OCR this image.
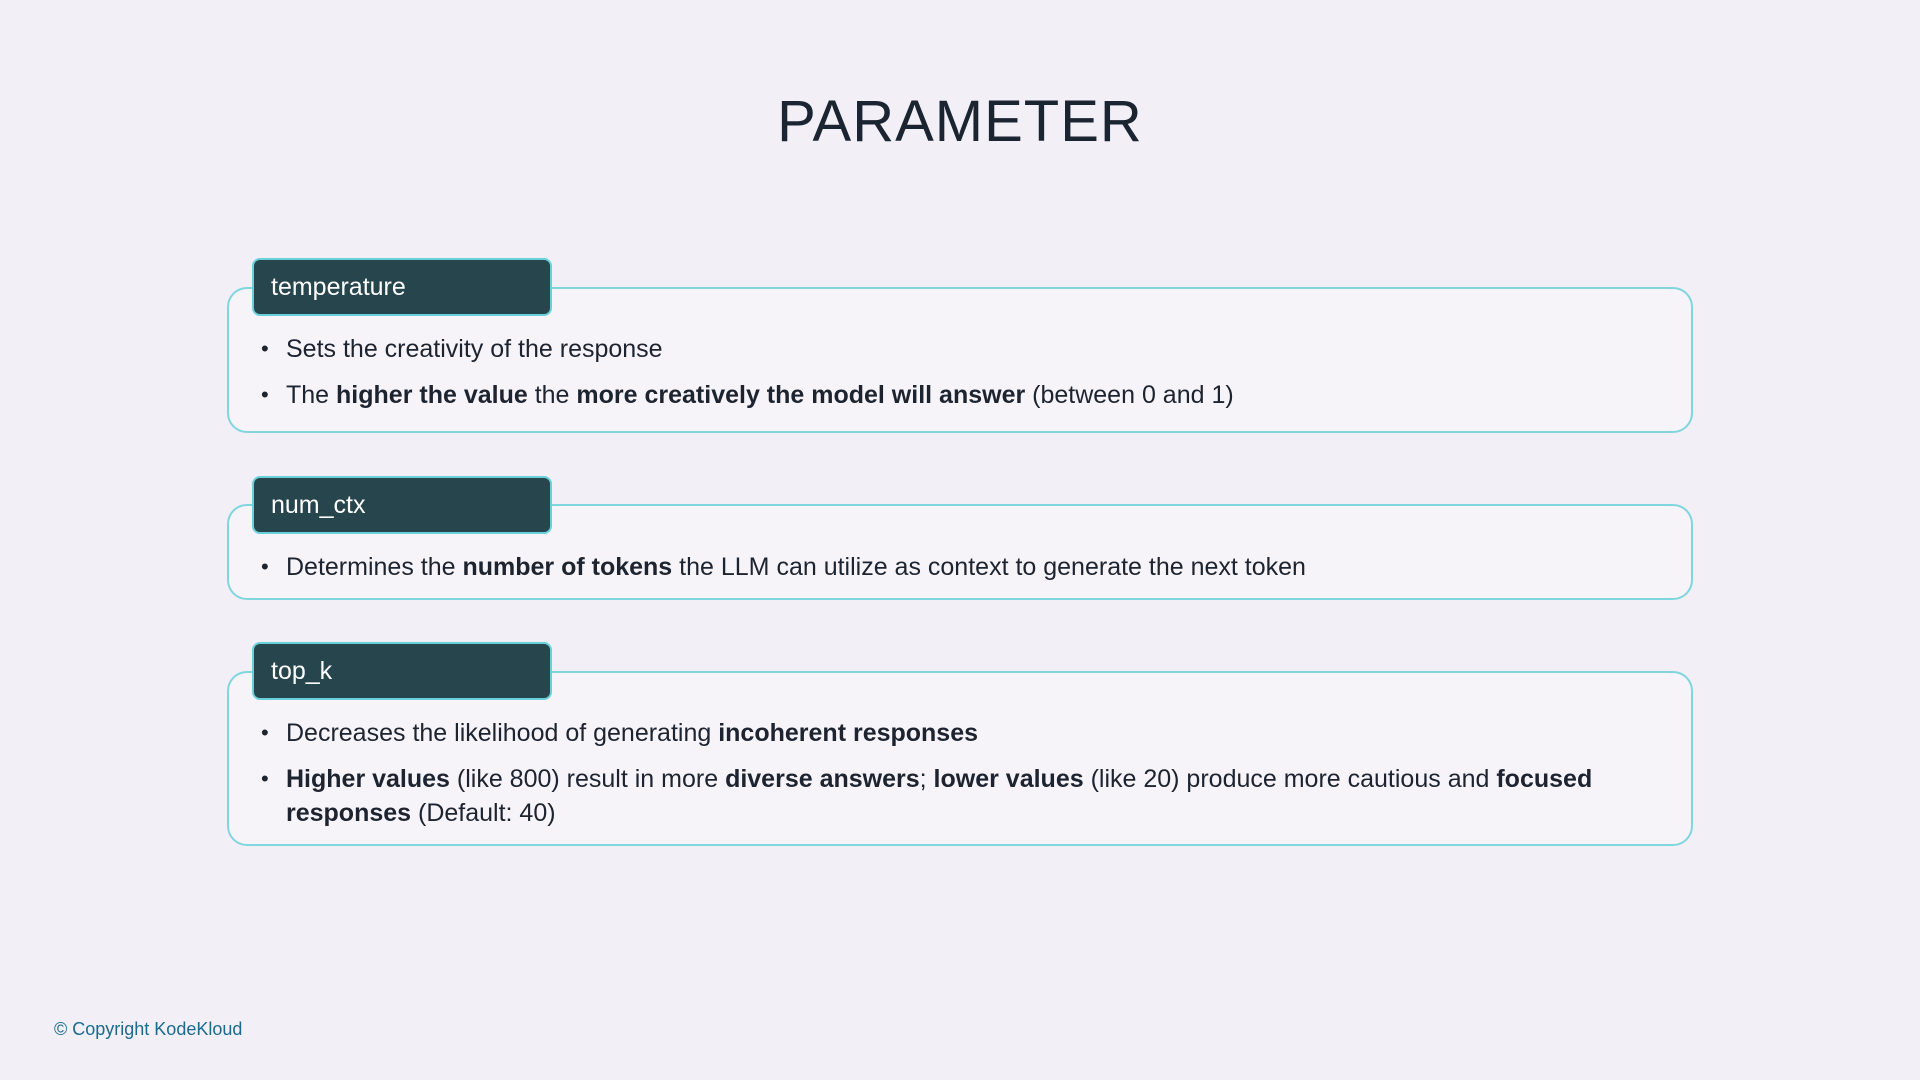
PARAMETER
temperature
• Sets the creativity of the response
• The higher the value the more creatively the model will answer (between 0 and 1)
num_ctx
• Determines the number of tokens the LLM can utilize as context to generate the next token
top_k
• Decreases the likelihood of generating incoherent responses
• Higher values (like 800) result in more diverse answers; lower values (like 20) produce more cautious and focused responses (Default: 40)
© Copyright KodeKloud
